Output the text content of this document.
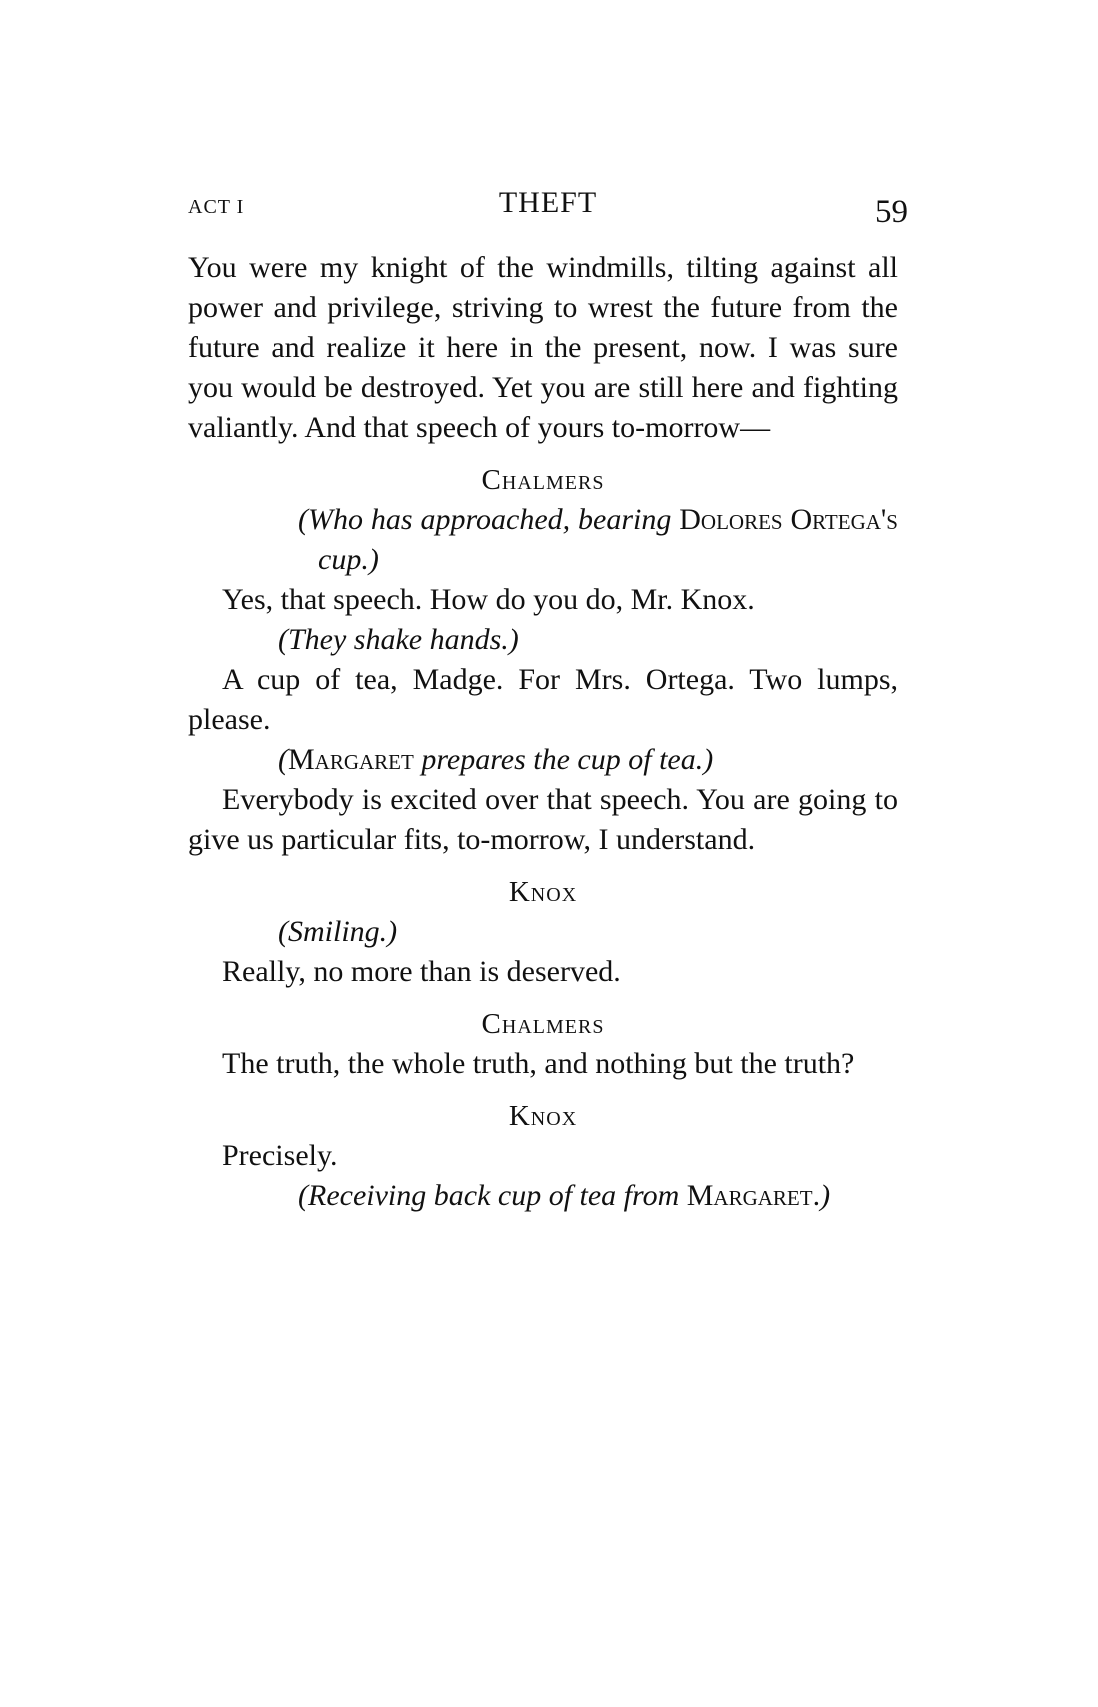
ACT I	THEFT	59

You were my knight of the windmills, tilting against all power and privilege, striving to wrest the future from the future and realize it here in the present, now. I was sure you would be destroyed. Yet you are still here and fighting valiantly. And that speech of yours to-morrow—

Chalmers

(Who has approached, bearing Dolores Ortega's cup.)

Yes, that speech. How do you do, Mr. Knox.

(They shake hands.)

A cup of tea, Madge. For Mrs. Ortega. Two lumps, please.

(Margaret prepares the cup of tea.)

Everybody is excited over that speech. You are going to give us particular fits, to-morrow, I understand.

Knox

(Smiling.)

Really, no more than is deserved.

Chalmers

The truth, the whole truth, and nothing but the truth?

Knox

Precisely.

(Receiving back cup of tea from Margaret.)
